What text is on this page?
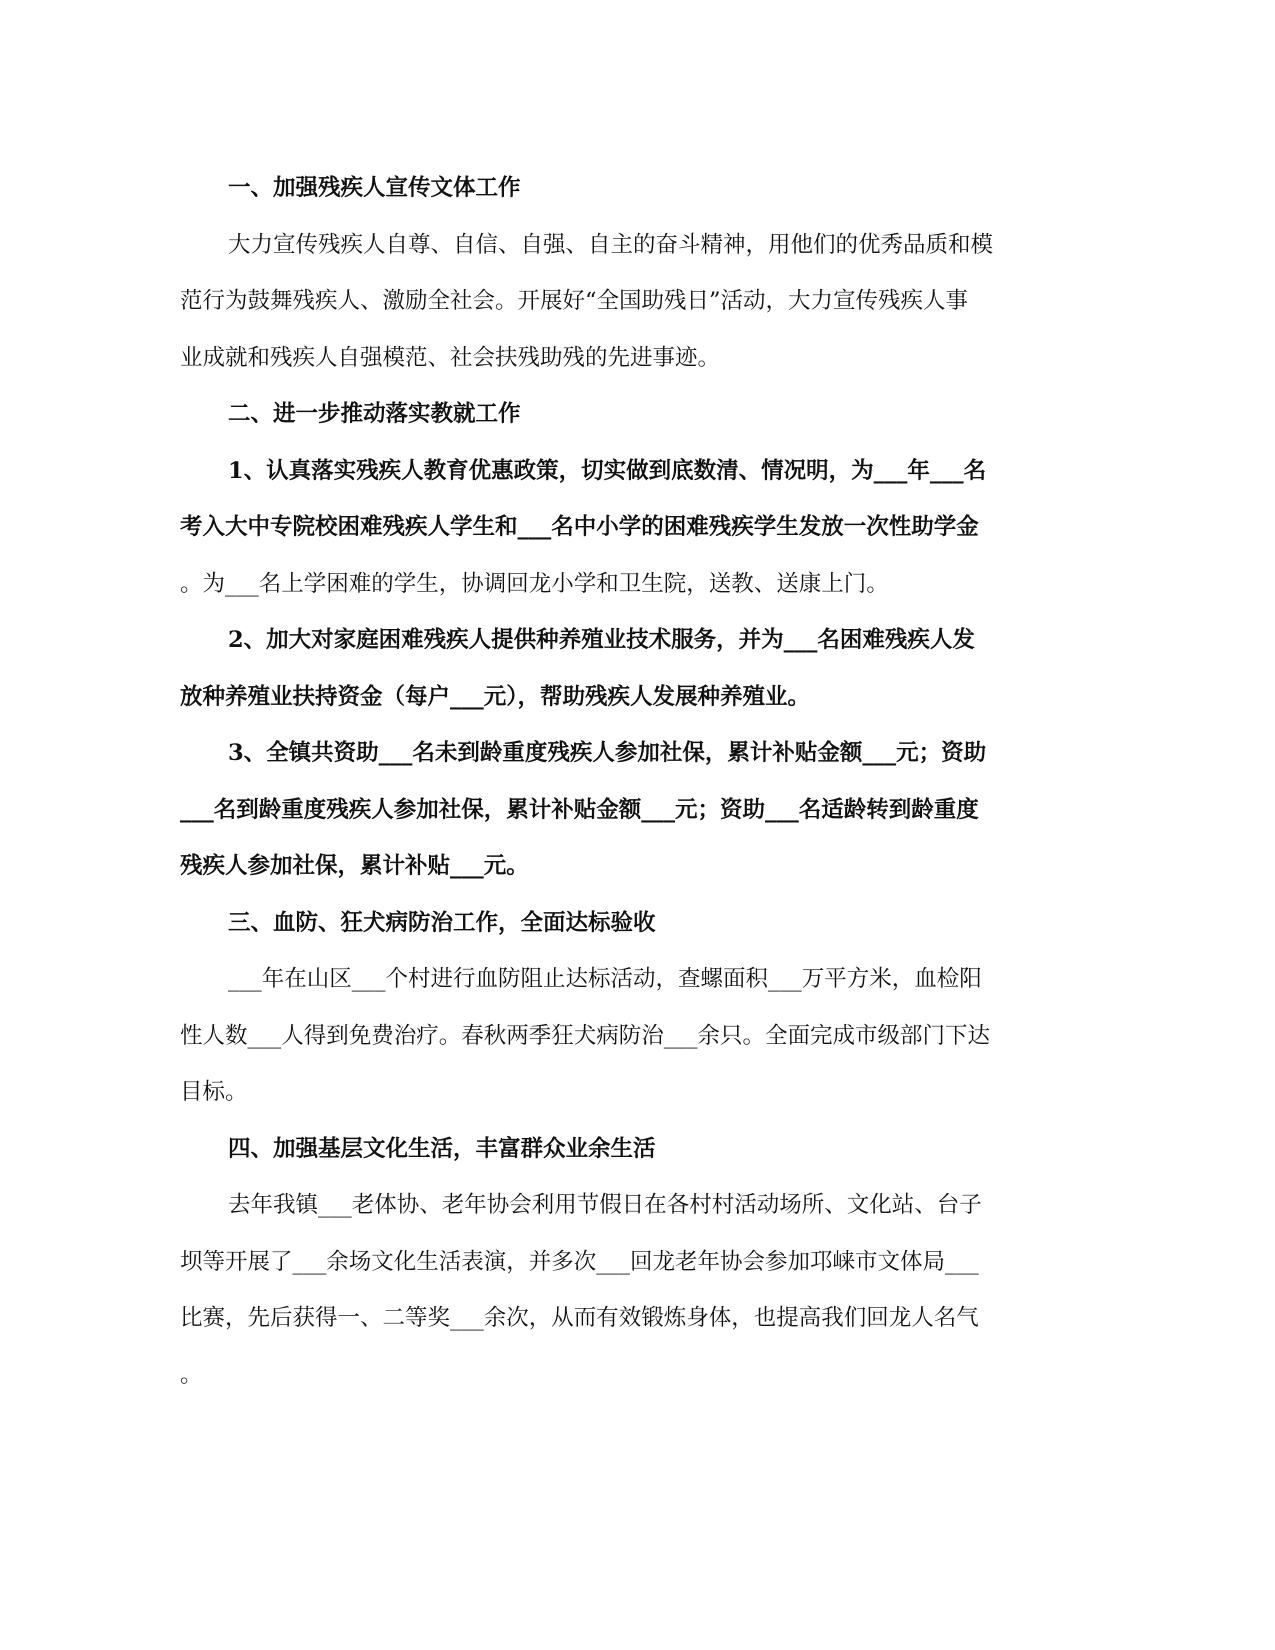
一、加强残疾人宣传文体工作
大力宣传残疾人自尊、自信、自强、自主的奋斗精神，用他们的优秀品质和模
范行为鼓舞残疾人、激励全社会。开展好“全国助残日”活动，大力宣传残疾人事
业成就和残疾人自强模范、社会扶残助残的先进事迹。
二、进一步推动落实教就工作
1、认真落实残疾人教育优惠政策，切实做到底数清、情况明，为___年___名
考入大中专院校困难残疾人学生和___名中小学的困难残疾学生发放一次性助学金
。为___名上学困难的学生，协调回龙小学和卫生院，送教、送康上门。
2、加大对家庭困难残疾人提供种养殖业技术服务，并为___名困难残疾人发
放种养殖业扶持资金（每户___元），帮助残疾人发展种养殖业。
3、全镇共资助___名未到龄重度残疾人参加社保，累计补贴金额___元；资助
___名到龄重度残疾人参加社保，累计补贴金额___元；资助___名适龄转到龄重度
残疾人参加社保，累计补贴___元。
三、血防、狂犬病防治工作，全面达标验收
___年在山区___个村进行血防阻止达标活动，查螺面积___万平方米，血检阳
性人数___人得到免费治疗。春秋两季狂犬病防治___余只。全面完成市级部门下达
目标。
四、加强基层文化生活，丰富群众业余生活
去年我镇___老体协、老年协会利用节假日在各村村活动场所、文化站、台子
坝等开展了___余场文化生活表演，并多次___回龙老年协会参加邛崃市文体局___
比赛，先后获得一、二等奖___余次，从而有效锻炼身体，也提高我们回龙人名气
。
